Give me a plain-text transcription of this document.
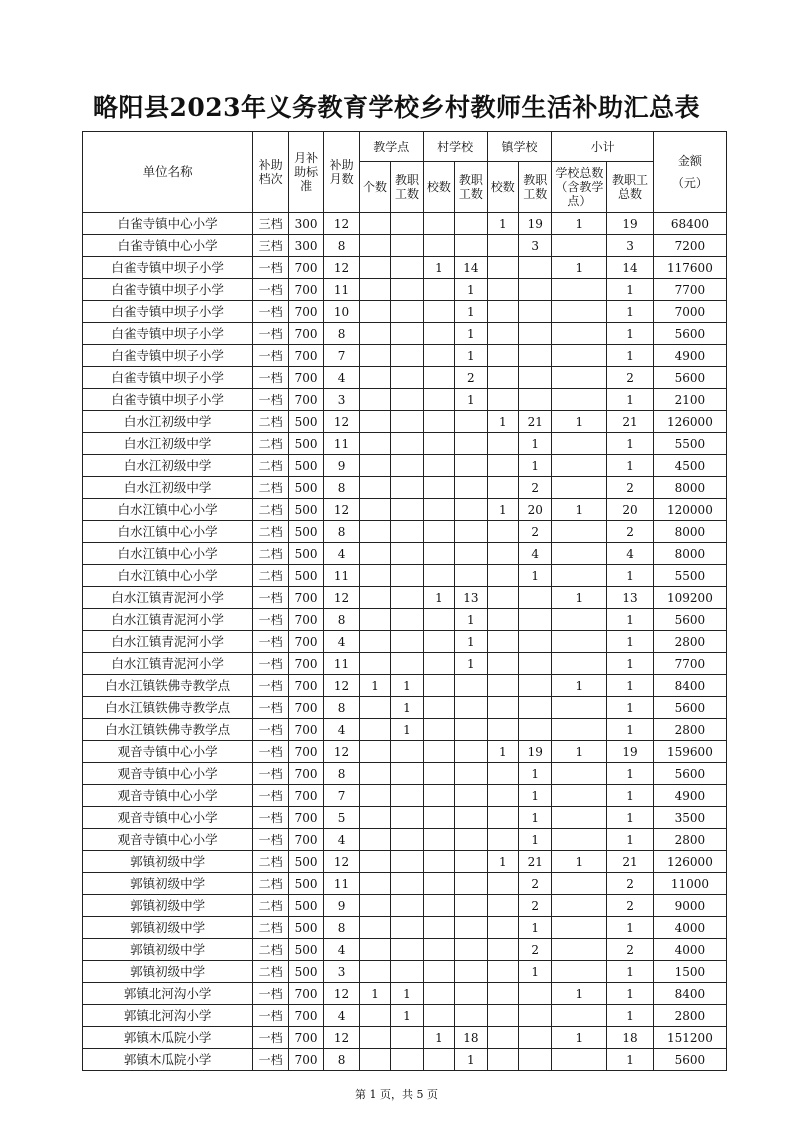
略阳县2023年义务教育学校乡村教师生活补助汇总表
单位名称	补助档次	月补助标准	补助月数	教学点		村学校		镇学校		小计		金额
（元）

				个数	教职工数	校数	教职工数	校数	教职工数	学校总数（含教学点）	教职工总数	
白雀寺镇中心小学	三档	300	12					1	19	1	19	68400
白雀寺镇中心小学	三档	300	8						3		3	7200
白雀寺镇中坝子小学	一档	700	12			1	14			1	14	117600
白雀寺镇中坝子小学	一档	700	11				1				1	7700
白雀寺镇中坝子小学	一档	700	10				1				1	7000
白雀寺镇中坝子小学	一档	700	8				1				1	5600
白雀寺镇中坝子小学	一档	700	7				1				1	4900
白雀寺镇中坝子小学	一档	700	4				2				2	5600
白雀寺镇中坝子小学	一档	700	3				1				1	2100
白水江初级中学	二档	500	12					1	21	1	21	126000
白水江初级中学	二档	500	11						1		1	5500
白水江初级中学	二档	500	9						1		1	4500
白水江初级中学	二档	500	8						2		2	8000
白水江镇中心小学	二档	500	12					1	20	1	20	120000
白水江镇中心小学	二档	500	8						2		2	8000
白水江镇中心小学	二档	500	4						4		4	8000
白水江镇中心小学	二档	500	11						1		1	5500
白水江镇青泥河小学	一档	700	12			1	13			1	13	109200
白水江镇青泥河小学	一档	700	8				1				1	5600
白水江镇青泥河小学	一档	700	4				1				1	2800
白水江镇青泥河小学	一档	700	11				1				1	7700
白水江镇铁佛寺教学点	一档	700	12	1	1					1	1	8400
白水江镇铁佛寺教学点	一档	700	8		1						1	5600
白水江镇铁佛寺教学点	一档	700	4		1						1	2800
观音寺镇中心小学	一档	700	12					1	19	1	19	159600
观音寺镇中心小学	一档	700	8						1		1	5600
观音寺镇中心小学	一档	700	7						1		1	4900
观音寺镇中心小学	一档	700	5						1		1	3500
观音寺镇中心小学	一档	700	4						1		1	2800
郭镇初级中学	二档	500	12					1	21	1	21	126000
郭镇初级中学	二档	500	11						2		2	11000
郭镇初级中学	二档	500	9						2		2	9000
郭镇初级中学	二档	500	8						1		1	4000
郭镇初级中学	二档	500	4						2		2	4000
郭镇初级中学	二档	500	3						1		1	1500
郭镇北河沟小学	一档	700	12	1	1					1	1	8400
郭镇北河沟小学	一档	700	4		1						1	2800
郭镇木瓜院小学	一档	700	12			1	18			1	18	151200
郭镇木瓜院小学	一档	700	8				1				1	5600
第 1 页，共 5 页
